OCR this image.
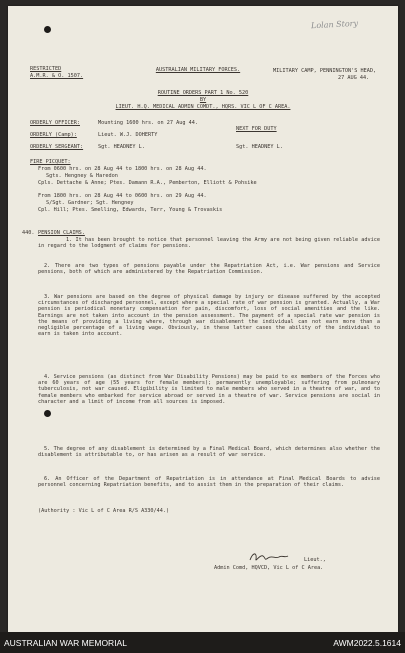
Lolan Story
RESTRICTED
A.M.R. & O. 1507.
AUSTRALIAN MILITARY FORCES.	MILITARY CAMP, PENNINGTON'S HEAD,
27 AUG 44.
ROUTINE ORDERS PART 1 No. 520
BY
LIEUT. H.Q. MEDICAL ADMIN COMDT., HQRS. VIC L OF C AREA.
ORDERLY OFFICER:	Mounting 1600 hrs. on 27 Aug 44.
NEXT FOR DUTY
ORDERLY (Camp):	Lieut. W.J. DOHERTY
ORDERLY SERGEANT:	Sgt. HEADNEY L.	Sgt. HEADNEY L.
FIRE PICQUET:
From 0600 hrs. on 28 Aug 44 to 1800 hrs. on 28 Aug 44.
Sgts. Hengney & Haredon
Cpls. Dettache & Anne; Ptes. Damann R.A., Pemberton, Elliott & Pohsike
From 1800 hrs. on 28 Aug 44 to 0600 hrs. on 29 Aug 44.
S/Sgt. Gardner; Sgt. Hengney
Cpl. Hill; Ptes. Smelling, Edwards, Terr, Young & Trovaskis
440. PENSION CLAIMS.
1. It has been brought to notice that personnel leaving the Army are not being given reliable advice in regard to the lodgment of claims for pensions.
2. There are two types of pensions payable under the Repatriation Act, i.e. War pensions and Service pensions, both of which are administered by the Repatriation Commission.
3. War pensions are based on the degree of physical damage by injury or disease suffered by the accepted circumstances of discharged personnel, except where a special rate of war pension is granted. Actually, a War pension is periodical monetary compensation for pain, discomfort, loss of social amenities and the like. Earnings are not taken into account in the pension assessment. The payment of a special rate war pension is the means of providing a living where, through war disablement the individual can not earn more than a negligible percentage of a living wage. Obviously, in these latter cases the ability of the individual to earn is taken into account.
4. Service pensions (as distinct from War Disability Pensions) may be paid to ex members of the Forces who are 60 years of age (55 years for female members); permanently unemployable; suffering from pulmonary tuberculosis, not war caused. Eligibility is limited to male members who served in a theatre of war, and to female members who embarked for service abroad or served in a theatre of war. Service pensions are social in character and a limit of income from all sources is imposed.
5. The degree of any disablement is determined by a Final Medical Board, which determines also whether the disablement is attributable to, or has arisen as a result of war service.
6. An Officer of the Department of Repatriation is in attendance at Final Medical Boards to advise personnel concerning Repatriation benefits, and to assist them in the preparation of their claims.
(Authority : Vic L of C Area R/S A330/44.)
Lieut.,
Admin Comd, HQVCD, Vic L of C Area.
AUSTRALIAN WAR MEMORIAL	AWM2022.5.1614
